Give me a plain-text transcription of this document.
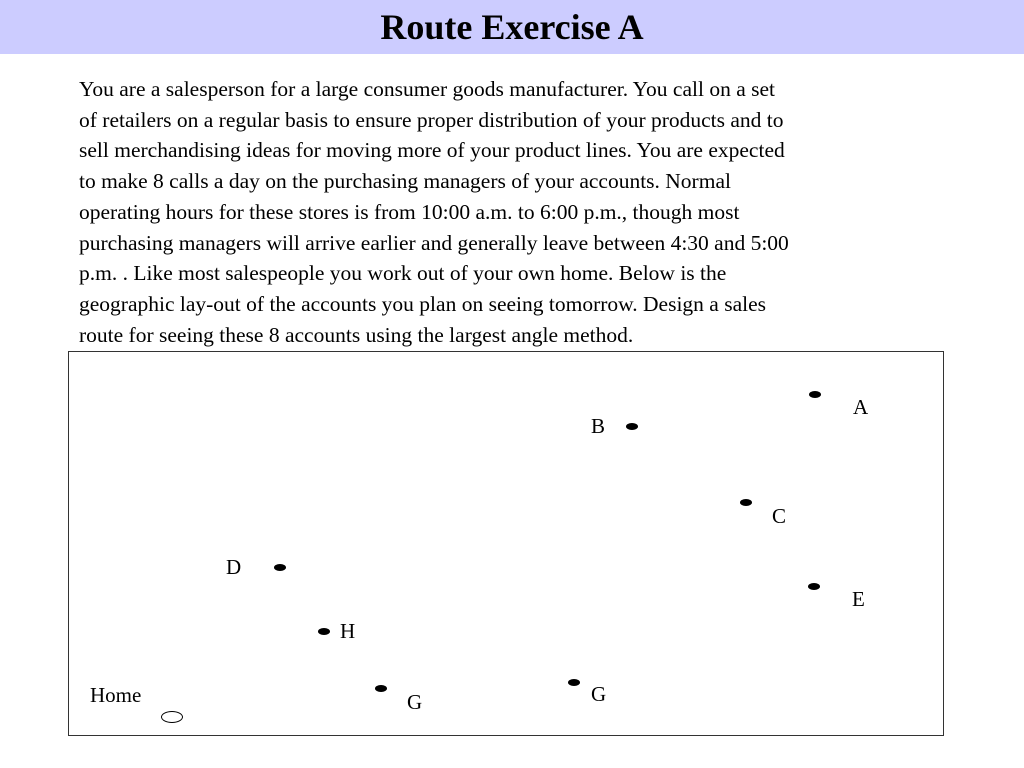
Route Exercise A

You are a salesperson for a large consumer goods manufacturer. You call on a set
of retailers on a regular basis to ensure proper distribution of your products and to
sell merchandising ideas for moving more of your product lines. You are expected
to make 8 calls a day on the purchasing managers of your accounts. Normal
operating hours for these stores is from 10:00 a.m. to 6:00 p.m., though most
purchasing managers will arrive earlier and generally leave between 4:30 and 5:00
p.m. . Like most salespeople you work out of your own home. Below is the
geographic lay-out of the accounts you plan on seeing tomorrow. Design a sales
route for seeing these 8 accounts using the largest angle method.

A
B
C
D
E
H
G	G
Home
